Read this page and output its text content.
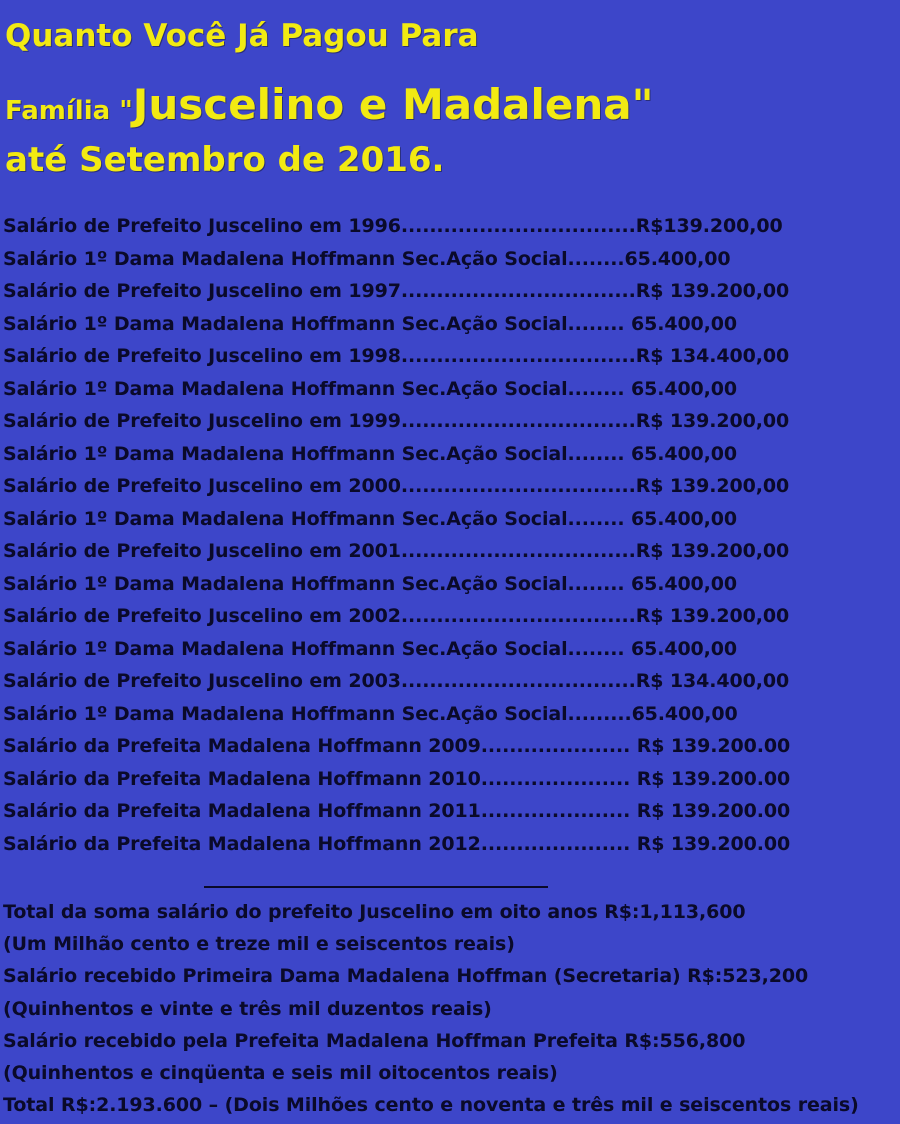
Quanto Você Já Pagou Para
Família "Juscelino e Madalena"
até Setembro de 2016.
Salário de Prefeito Juscelino em 1996.................................R$139.200,00
Salário 1º Dama Madalena Hoffmann Sec.Ação Social........65.400,00
Salário de Prefeito Juscelino em 1997.................................R$ 139.200,00
Salário 1º Dama Madalena Hoffmann Sec.Ação Social........ 65.400,00
Salário de Prefeito Juscelino em 1998.................................R$ 134.400,00
Salário 1º Dama Madalena Hoffmann Sec.Ação Social........ 65.400,00
Salário de Prefeito Juscelino em 1999.................................R$ 139.200,00
Salário 1º Dama Madalena Hoffmann Sec.Ação Social........ 65.400,00
Salário de Prefeito Juscelino em 2000.................................R$ 139.200,00
Salário 1º Dama Madalena Hoffmann Sec.Ação Social........ 65.400,00
Salário de Prefeito Juscelino em 2001.................................R$ 139.200,00
Salário 1º Dama Madalena Hoffmann Sec.Ação Social........ 65.400,00
Salário de Prefeito Juscelino em 2002.................................R$ 139.200,00
Salário 1º Dama Madalena Hoffmann Sec.Ação Social........ 65.400,00
Salário de Prefeito Juscelino em 2003.................................R$ 134.400,00
Salário 1º Dama Madalena Hoffmann Sec.Ação Social.........65.400,00
Salário da Prefeita Madalena Hoffmann 2009..................... R$ 139.200.00
Salário da Prefeita Madalena Hoffmann 2010..................... R$ 139.200.00
Salário da Prefeita Madalena Hoffmann 2011..................... R$ 139.200.00
Salário da Prefeita Madalena Hoffmann 2012..................... R$ 139.200.00
Total da soma salário do prefeito Juscelino em oito anos R$:1,113,600
(Um Milhão cento e treze mil e seiscentos reais)
Salário recebido Primeira Dama Madalena Hoffman (Secretaria) R$:523,200
(Quinhentos e vinte e três mil duzentos reais)
Salário recebido pela Prefeita Madalena Hoffman Prefeita R$:556,800
(Quinhentos e cinqüenta e seis mil oitocentos reais)
Total R$:2.193.600 – (Dois Milhões cento e noventa e três mil e seiscentos reais)
